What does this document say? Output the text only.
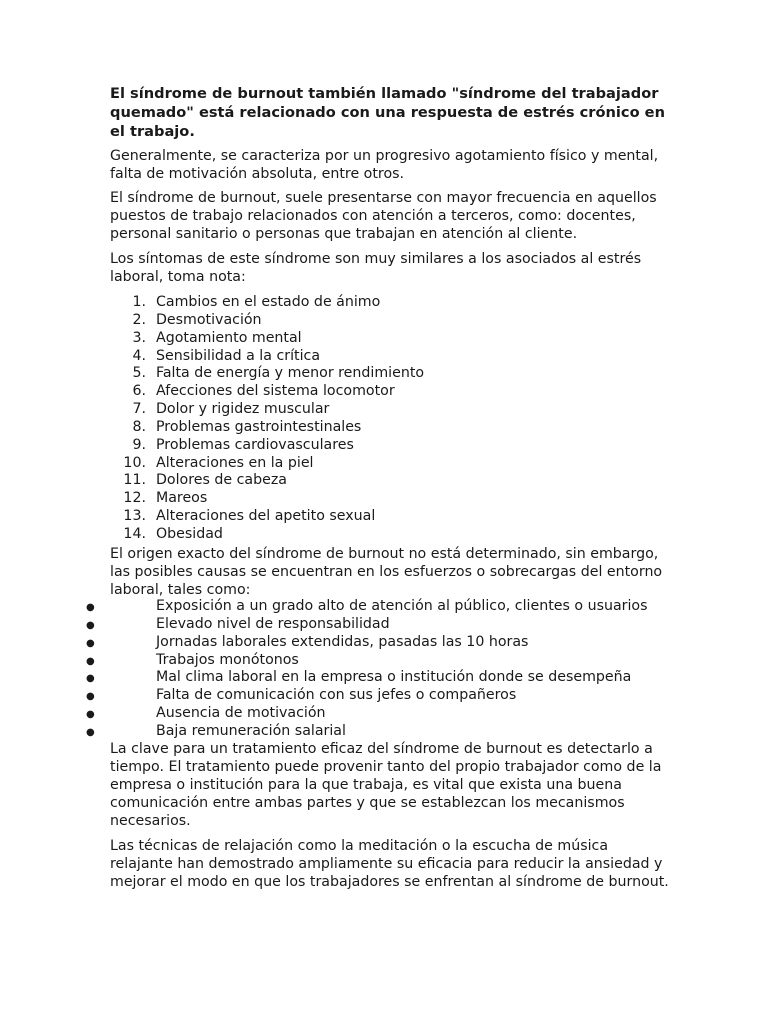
El síndrome de burnout también llamado "síndrome del trabajador quemado" está relacionado con una respuesta de estrés crónico en el trabajo.

Generalmente, se caracteriza por un progresivo agotamiento físico y mental, falta de motivación absoluta, entre otros.

El síndrome de burnout, suele presentarse con mayor frecuencia en aquellos puestos de trabajo relacionados con atención a terceros, como: docentes, personal sanitario o personas que trabajan en atención al cliente.

Los síntomas de este síndrome son muy similares a los asociados al estrés laboral, toma nota:

1. Cambios en el estado de ánimo
2. Desmotivación
3. Agotamiento mental
4. Sensibilidad a la crítica
5. Falta de energía y menor rendimiento
6. Afecciones del sistema locomotor
7. Dolor y rigidez muscular
8. Problemas gastrointestinales
9. Problemas cardiovasculares
10. Alteraciones en la piel
11. Dolores de cabeza
12. Mareos
13. Alteraciones del apetito sexual
14. Obesidad

El origen exacto del síndrome de burnout no está determinado, sin embargo, las posibles causas se encuentran en los esfuerzos o sobrecargas del entorno laboral, tales como:

●	Exposición a un grado alto de atención al público, clientes o usuarios
●	Elevado nivel de responsabilidad
●	Jornadas laborales extendidas, pasadas las 10 horas
●	Trabajos monótonos
●	Mal clima laboral en la empresa o institución donde se desempeña
●	Falta de comunicación con sus jefes o compañeros
●	Ausencia de motivación
●	Baja remuneración salarial

La clave para un tratamiento eficaz del síndrome de burnout es detectarlo a tiempo. El tratamiento puede provenir tanto del propio trabajador como de la empresa o institución para la que trabaja, es vital que exista una buena comunicación entre ambas partes y que se establezcan los mecanismos necesarios.

Las técnicas de relajación como la meditación o la escucha de música relajante han demostrado ampliamente su eficacia para reducir la ansiedad y mejorar el modo en que los trabajadores se enfrentan al síndrome de burnout.
